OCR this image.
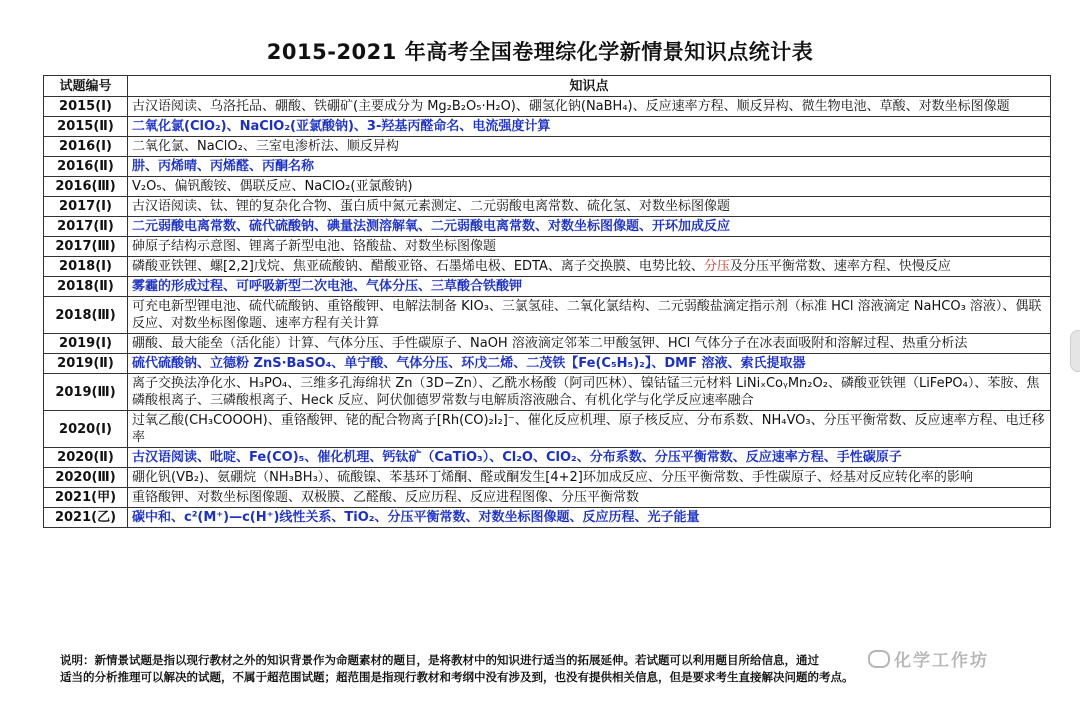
2015-2021 年高考全国卷理综化学新情景知识点统计表
试题编号	知识点
2015(Ⅰ)	古汉语阅读、乌洛托品、硼酸、铁硼矿(主要成分为 Mg₂B₂O₅·H₂O)、硼氢化钠(NaBH₄)、反应速率方程、顺反异构、微生物电池、草酸、对数坐标图像题
2015(Ⅱ)	二氧化氯(ClO₂)、NaClO₂(亚氯酸钠)、3-羟基丙醛命名、电流强度计算
2016(Ⅰ)	二氧化氯、NaClO₂、三室电渗析法、顺反异构
2016(Ⅱ)	肼、丙烯晴、丙烯醛、丙酮名称
2016(Ⅲ)	V₂O₅、偏钒酸铵、偶联反应、NaClO₂(亚氯酸钠)
2017(Ⅰ)	古汉语阅读、钛、锂的复杂化合物、蛋白质中氮元素测定、二元弱酸电离常数、硫化氢、对数坐标图像题
2017(Ⅱ)	二元弱酸电离常数、硫代硫酸钠、碘量法测溶解氧、二元弱酸电离常数、对数坐标图像题、开环加成反应
2017(Ⅲ)	砷原子结构示意图、锂离子新型电池、铬酸盐、对数坐标图像题
2018(Ⅰ)	磷酸亚铁锂、螺[2,2]戊烷、焦亚硫酸钠、醋酸亚铬、石墨烯电极、EDTA、离子交换膜、电势比较、分压及分压平衡常数、速率方程、快慢反应
2018(Ⅱ)	雾霾的形成过程、可呼吸新型二次电池、气体分压、三草酸合铁酸钾
2018(Ⅲ)	可充电新型锂电池、硫代硫酸钠、重铬酸钾、电解法制备 KIO₃、三氯氢硅、二氧化氯结构、二元弱酸盐滴定指示剂（标准 HCl 溶液滴定 NaHCO₃ 溶液）、偶联反应、对数坐标图像题、速率方程有关计算
2019(Ⅰ)	硼酸、最大能垒（活化能）计算、气体分压、手性碳原子、NaOH 溶液滴定邻苯二甲酸氢钾、HCl 气体分子在冰表面吸附和溶解过程、热重分析法
2019(Ⅱ)	硫代硫酸钠、立德粉 ZnS·BaSO₄、单宁酸、气体分压、环戊二烯、二茂铁【Fe(C₅H₅)₂】、DMF 溶液、索氏提取器
2019(Ⅲ)	离子交换法净化水、H₃PO₄、三维多孔海绵状 Zn（3D−Zn）、乙酰水杨酸（阿司匹林）、镍钴锰三元材料 LiNiₓCoᵧMn₂O₂、磷酸亚铁锂（LiFePO₄）、苯胺、焦磷酸根离子、三磷酸根离子、Heck 反应、阿伏伽德罗常数与电解质溶液融合、有机化学与化学反应速率融合
2020(Ⅰ)	过氧乙酸(CH₃COOOH)、重铬酸钾、铑的配合物离子[Rh(CO)₂I₂]⁻、催化反应机理、原子核反应、分布系数、NH₄VO₃、分压平衡常数、反应速率方程、电迁移率
2020(Ⅱ)	古汉语阅读、吡啶、Fe(CO)₅、催化机理、钙钛矿（CaTiO₃）、Cl₂O、ClO₂、分布系数、分压平衡常数、反应速率方程、手性碳原子
2020(Ⅲ)	硼化钒(VB₂)、氨硼烷（NH₃BH₃）、硫酸镍、苯基环丁烯酮、醛或酮发生[4+2]环加成反应、分压平衡常数、手性碳原子、烃基对反应转化率的影响
2021(甲)	重铬酸钾、对数坐标图像题、双极膜、乙醛酸、反应历程、反应进程图像、分压平衡常数
2021(乙)	碳中和、c²(M⁺)—c(H⁺)线性关系、TiO₂、分压平衡常数、对数坐标图像题、反应历程、光子能量
说明：新情景试题是指以现行教材之外的知识背景作为命题素材的题目，是将教材中的知识进行适当的拓展延伸。若试题可以利用题目所给信息，通过
适当的分析推理可以解决的试题，不属于超范围试题；超范围是指现行教材和考纲中没有涉及到，也没有提供相关信息，但是要求考生直接解决问题的考点。
化学工作坊
